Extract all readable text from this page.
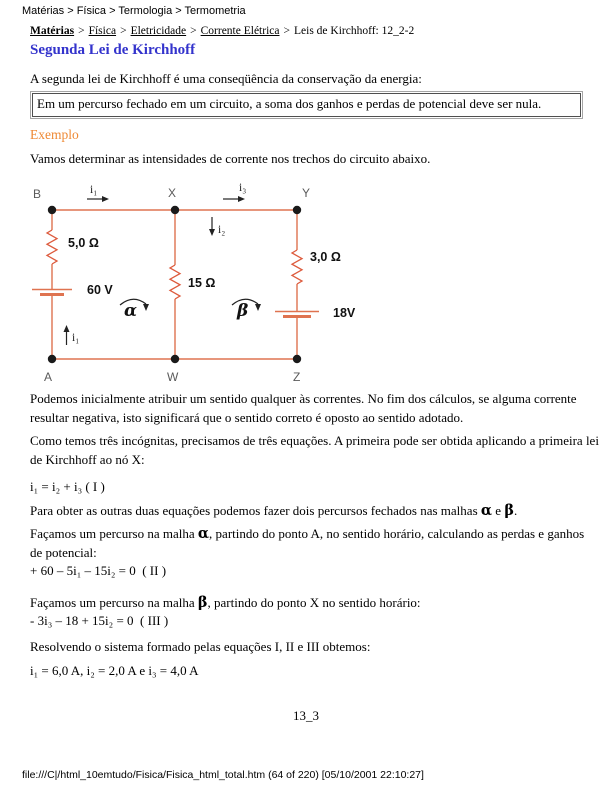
Matérias > Física > Termologia > Termometria
Matérias > Física > Eletricidade > Corrente Elétrica > Leis de Kirchhoff: 12_2-2
Segunda Lei de Kirchhoff

A segunda lei de Kirchhoff é uma conseqüência da conservação da energia:

Em um percurso fechado em um circuito, a soma dos ganhos e perdas de potencial deve ser nula.
Exemplo

Vamos determinar as intensidades de corrente nos trechos do circuito abaixo.

B	X	Y
A	W	Z
5,0 Ω
15 Ω
3,0 Ω
60 V
18V
i₁	i₃
i₂
i₁
α	β

Podemos inicialmente atribuir um sentido qualquer às correntes. No fim dos cálculos, se alguma corrente resultar negativa, isto significará que o sentido correto é oposto ao sentido adotado.

Como temos três incógnitas, precisamos de três equações. A primeira pode ser obtida aplicando a primeira lei de Kirchhoff ao nó X:

i₁ = i₂ + i₃ ( I )

Para obter as outras duas equações podemos fazer dois percursos fechados nas malhas α e β.

Façamos um percurso na malha α, partindo do ponto A, no sentido horário, calculando as perdas e ganhos de potencial:

+ 60 – 5i₁ – 15i₂ = 0  ( II )

Façamos um percurso na malha β, partindo do ponto X no sentido horário:

- 3i₃ – 18 + 15i₂ = 0  ( III )

Resolvendo o sistema formado pelas equações I, II e III obtemos:

i₁ = 6,0 A, i₂ = 2,0 A e i₃ = 4,0 A

13_3
file:///C|/html_10emtudo/Fisica/Fisica_html_total.htm (64 of 220) [05/10/2001 22:10:27]
